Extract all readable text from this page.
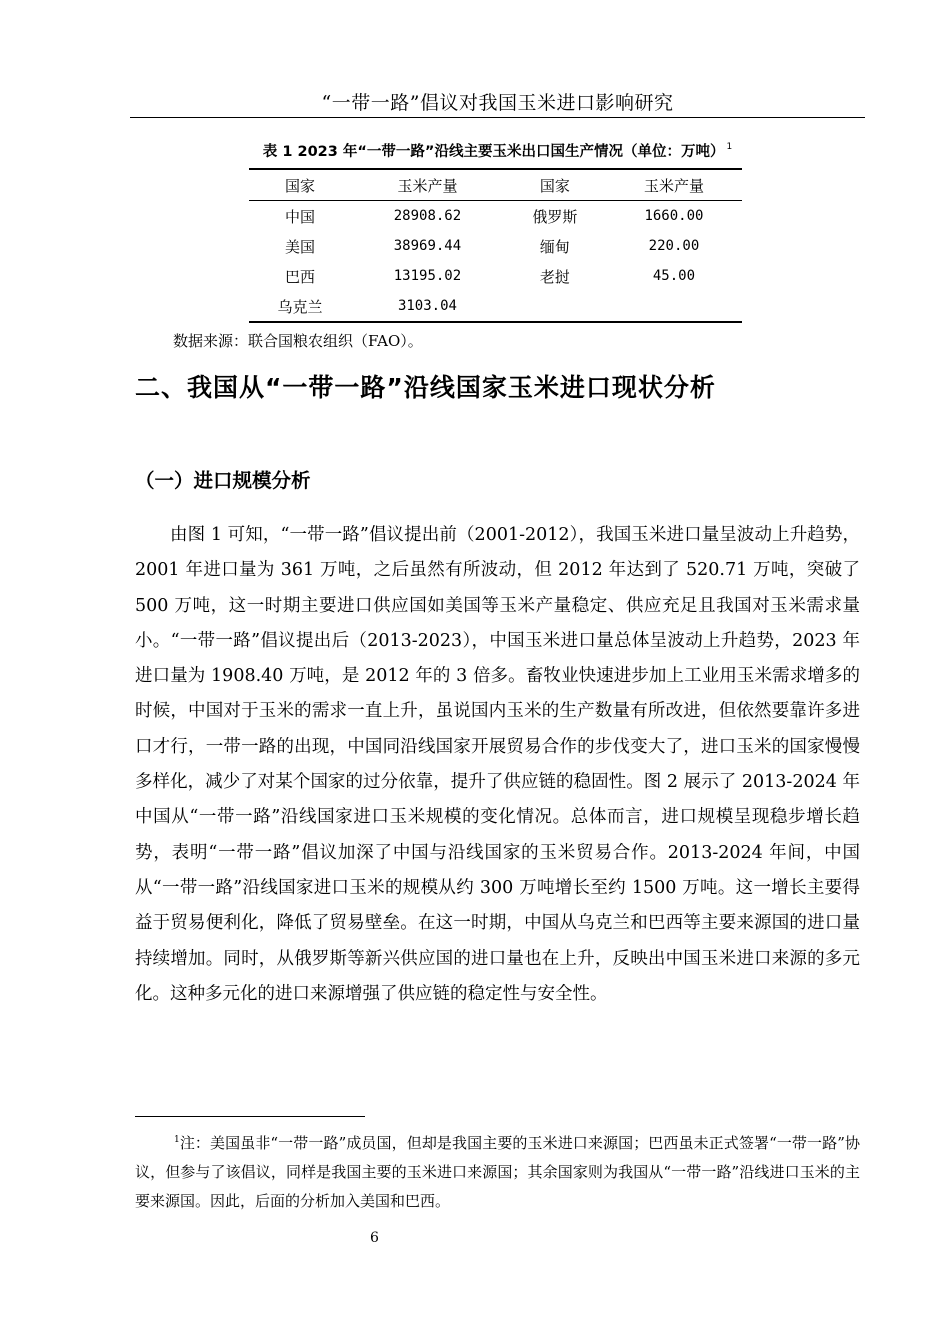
“一带一路”倡议对我国玉米进口影响研究
表 1 2023 年“一带一路”沿线主要玉米出口国生产情况（单位：万吨） $^1$
国家	玉米产量	国家	玉米产量
中国	28908.62	俄罗斯	1660.00
美国	38969.44	缅甸	220.00
巴西	13195.02	老挝	45.00
乌克兰	3103.04		
数据来源：联合国粮农组织（FAO）。
二、我国从“一带一路”沿线国家玉米进口现状分析
（一）进口规模分析

由图 1 可知，“一带一路”倡议提出前（2001-2012），我国玉米进口量呈波动上升趋势，2001 年进口量为 361 万吨，之后虽然有所波动，但 2012 年达到了 520.71 万吨，突破了 500 万吨，这一时期主要进口供应国如美国等玉米产量稳定、供应充足且我国对玉米需求量小。“一带一路”倡议提出后（2013-2023），中国玉米进口量总体呈波动上升趋势，2023 年进口量为 1908.40 万吨，是 2012 年的 3 倍多。畜牧业快速进步加上工业用玉米需求增多的时候，中国对于玉米的需求一直上升，虽说国内玉米的生产数量有所改进，但依然要靠许多进口才行，一带一路的出现，中国同沿线国家开展贸易合作的步伐变大了，进口玉米的国家慢慢多样化，减少了对某个国家的过分依靠，提升了供应链的稳固性。图 2 展示了 2013-2024 年中国从“一带一路”沿线国家进口玉米规模的变化情况。总体而言，进口规模呈现稳步增长趋势，表明“一带一路”倡议加深了中国与沿线国家的玉米贸易合作。2013-2024 年间，中国从“一带一路”沿线国家进口玉米的规模从约 300 万吨增长至约 1500 万吨。这一增长主要得益于贸易便利化，降低了贸易壁垒。在这一时期，中国从乌克兰和巴西等主要来源国的进口量持续增加。同时，从俄罗斯等新兴供应国的进口量也在上升，反映出中国玉米进口来源的多元化。这种多元化的进口来源增强了供应链的稳定性与安全性。

$^1$注：美国虽非“一带一路”成员国，但却是我国主要的玉米进口来源国；巴西虽未正式签署“一带一路”协议，但参与了该倡议，同样是我国主要的玉米进口来源国；其余国家则为我国从“一带一路”沿线进口玉米的主要来源国。因此，后面的分析加入美国和巴西。

6
